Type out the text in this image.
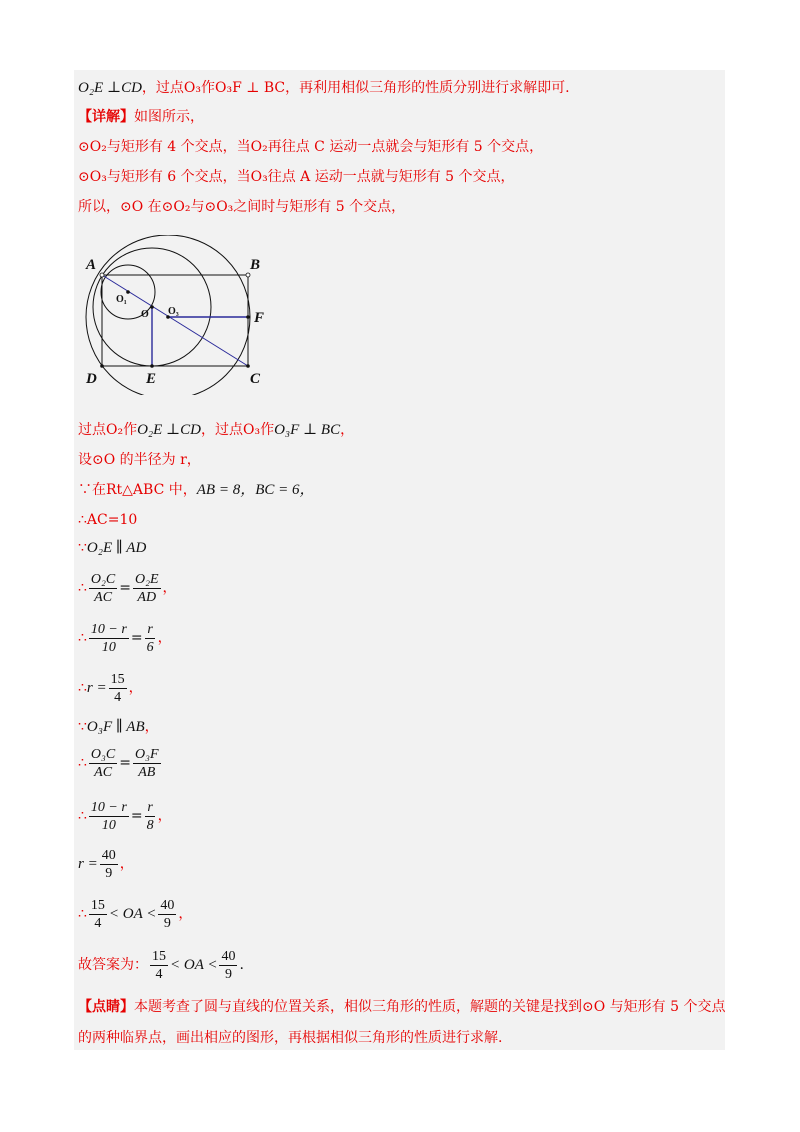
O₂E ⊥CD，过点O₃作O₃F ⊥ BC，再利用相似三角形的性质分别进行求解即可.
【详解】如图所示，
⊙O₂与矩形有 4 个交点，当O₂再往点 C 运动一点就会与矩形有 5 个交点，
⊙O₃与矩形有 6 个交点，当O₃往点 A 运动一点就与矩形有 5 个交点，
所以，⊙O 在⊙O₂与⊙O₃之间时与矩形有 5 个交点，
A	B
C
D	E
F
O₁
O O₃
过点O₂作O₂E ⊥CD，过点O₃作O₃F ⊥ BC，
设⊙O 的半径为 r，
∵在Rt△ABC 中，AB = 8，BC = 6，
∴AC=10
∵O₂E ∥ AD
∴ $\frac{\text{O₂C}}{AC} = \frac{\text{O₂E}}{AD}$ ，
∴ $\frac{10 - r}{10} = \frac{r}{6}$ ，
∴r = $\frac{15}{4}$ ，
∵O₃F ∥ AB，
∴ $\frac{\text{O₃C}}{AC} = \frac{\text{O₃F}}{AB}$
∴ $\frac{10 - r}{10} = \frac{r}{8}$ ，
$r = \frac{40}{9}$ ，
∴ $\frac{15}{4}$ < OA < $\frac{40}{9}$ ，
故答案为： $\frac{15}{4}$ < OA < $\frac{40}{9}$ .
【点睛】本题考查了圆与直线的位置关系，相似三角形的性质，解题的关键是找到⊙O 与矩形有 5 个交点
的两种临界点，画出相应的图形，再根据相似三角形的性质进行求解.
